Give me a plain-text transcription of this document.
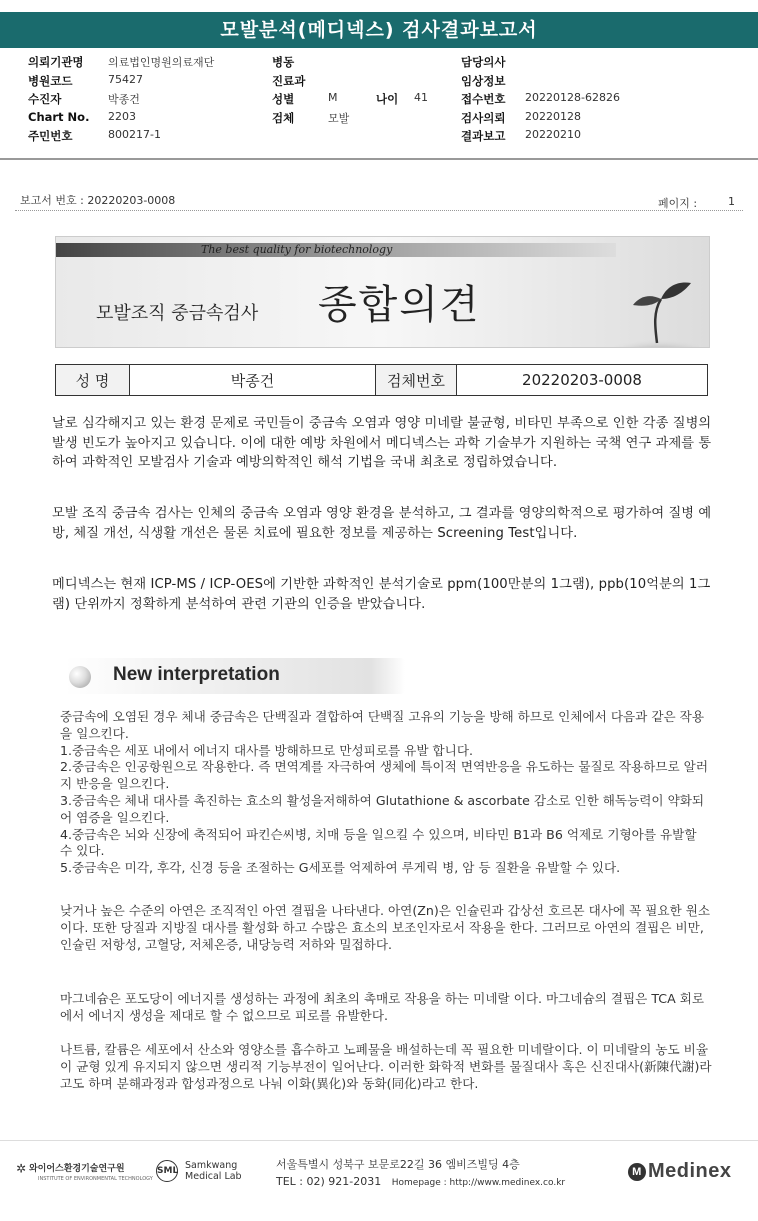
모발분석(메디넥스) 검사결과보고서
의뢰기관명 의료법인명원의료재단
병원코드	75427
수진자	박종건
Chart No. 2203
주민번호	800217-1
병동
진료과
성별	M	나이 41
검체	모발
담당의사
임상정보
접수번호 20220128-62826
검사의뢰 20220128
결과보고 20220210
보고서 번호 : 20220203-0008	페이지 :	1
The best quality for biotechnology
모발조직 중금속검사 종합의견
성 명	박종건	검체번호	20220203-0008
날로 심각해지고 있는 환경 문제로 국민들이 중금속 오염과 영양 미네랄 불균형, 비타민 부족으로 인한 각종 질병의 발생 빈도가 높아지고 있습니다. 이에 대한 예방 차원에서 메디넥스는 과학 기술부가 지원하는 국책 연구 과제를 통하여 과학적인 모발검사 기술과 예방의학적인 해석 기법을 국내 최초로 정립하였습니다.
모발 조직 중금속 검사는 인체의 중금속 오염과 영양 환경을 분석하고, 그 결과를 영양의학적으로 평가하여 질병 예방, 체질 개선, 식생활 개선은 물론 치료에 필요한 정보를 제공하는 Screening Test입니다.
메디넥스는 현재 ICP-MS / ICP-OES에 기반한 과학적인 분석기술로 ppm(100만분의 1그램), ppb(10억분의 1그램) 단위까지 정확하게 분석하여 관련 기관의 인증을 받았습니다.
New interpretation
중금속에 오염된 경우 체내 중금속은 단백질과 결합하여 단백질 고유의 기능을 방해 하므로 인체에서 다음과 같은 작용을 일으킨다.
1.중금속은 세포 내에서 에너지 대사를 방해하므로 만성피로를 유발 합니다.
2.중금속은 인공항원으로 작용한다. 즉 면역계를 자극하여 생체에 특이적 면역반응을 유도하는 물질로 작용하므로 알러지 반응을 일으킨다.
3.중금속은 체내 대사를 촉진하는 효소의 활성을저해하여 Glutathione & ascorbate 감소로 인한 해독능력이 약화되어 염증을 일으킨다.
4.중금속은 뇌와 신장에 축적되어 파킨슨씨병, 치매 등을 일으킬 수 있으며, 비타민 B1과 B6 억제로 기형아를 유발할 수 있다.
5.중금속은 미각, 후각, 신경 등을 조절하는 G세포를 억제하여 루게릭 병, 암 등 질환을 유발할 수 있다.
낮거나 높은 수준의 아연은 조직적인 아연 결핍을 나타낸다. 아연(Zn)은 인슐린과 갑상선 호르몬 대사에 꼭 필요한 원소이다. 또한 당질과 지방질 대사를 활성화 하고 수많은 효소의 보조인자로서 작용을 한다. 그러므로 아연의 결핍은 비만, 인슐린 저항성, 고혈당, 저체온증, 내당능력 저하와 밀접하다.
마그네슘은 포도당이 에너지를 생성하는 과정에 최초의 촉매로 작용을 하는 미네랄 이다. 마그네슘의 결핍은 TCA 회로에서 에너지 생성을 제대로 할 수 없으므로 피로를 유발한다.
나트륨, 칼륨은 세포에서 산소와 영양소를 흡수하고 노폐물을 배설하는데 꼭 필요한 미네랄이다. 이 미네랄의 농도 비율이 균형 있게 유지되지 않으면 생리적 기능부전이 일어난다. 이러한 화학적 변화를 물질대사 혹은 신진대사(新陳代謝)라고도 하며 분해과정과 합성과정으로 나눠 이화(異化)와 동화(同化)라고 한다.
✲ 와이어스환경기술연구원
INSTITUTE OF ENVIRONMENTAL TECHNOLOGY
SML Samkwang
Medical Lab
서울특별시 성북구 보문로22길 36 엠비즈빌딩 4층
TEL : 02) 921-2031 Homepage : http://www.medinex.co.kr
M Medinex
